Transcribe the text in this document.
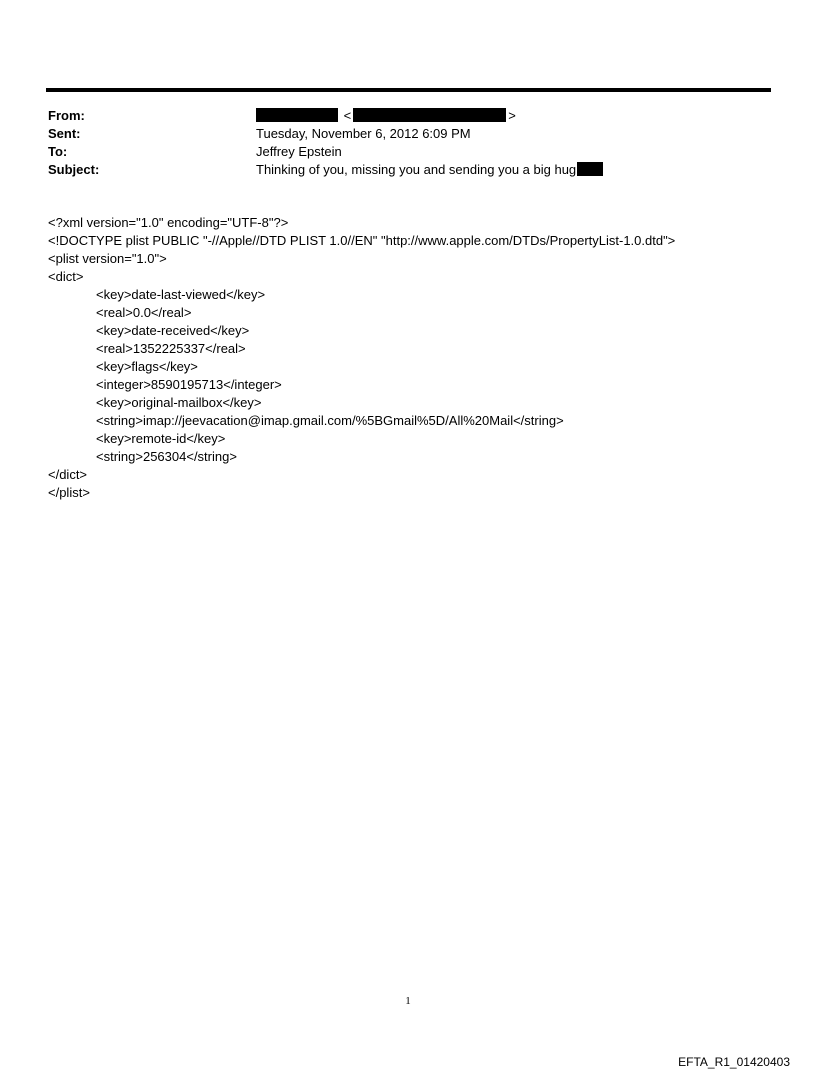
From:	<	>
Sent:	Tuesday, November 6, 2012 6:09 PM
To:	Jeffrey Epstein
Subject:	Thinking of you, missing you and sending you a big hug
<?xml version="1.0" encoding="UTF-8"?>
<!DOCTYPE plist PUBLIC "-//Apple//DTD PLIST 1.0//EN" "http://www.apple.com/DTDs/PropertyList-1.0.dtd">
<plist version="1.0">
<dict>
<key>date-last-viewed</key>
<real>0.0</real>
<key>date-received</key>
<real>1352225337</real>
<key>flags</key>
<integer>8590195713</integer>
<key>original-mailbox</key>
<string>imap://jeevacation@imap.gmail.com/%5BGmail%5D/All%20Mail</string>
<key>remote-id</key>
<string>256304</string>
</dict>
</plist>
1
EFTA_R1_01420403
